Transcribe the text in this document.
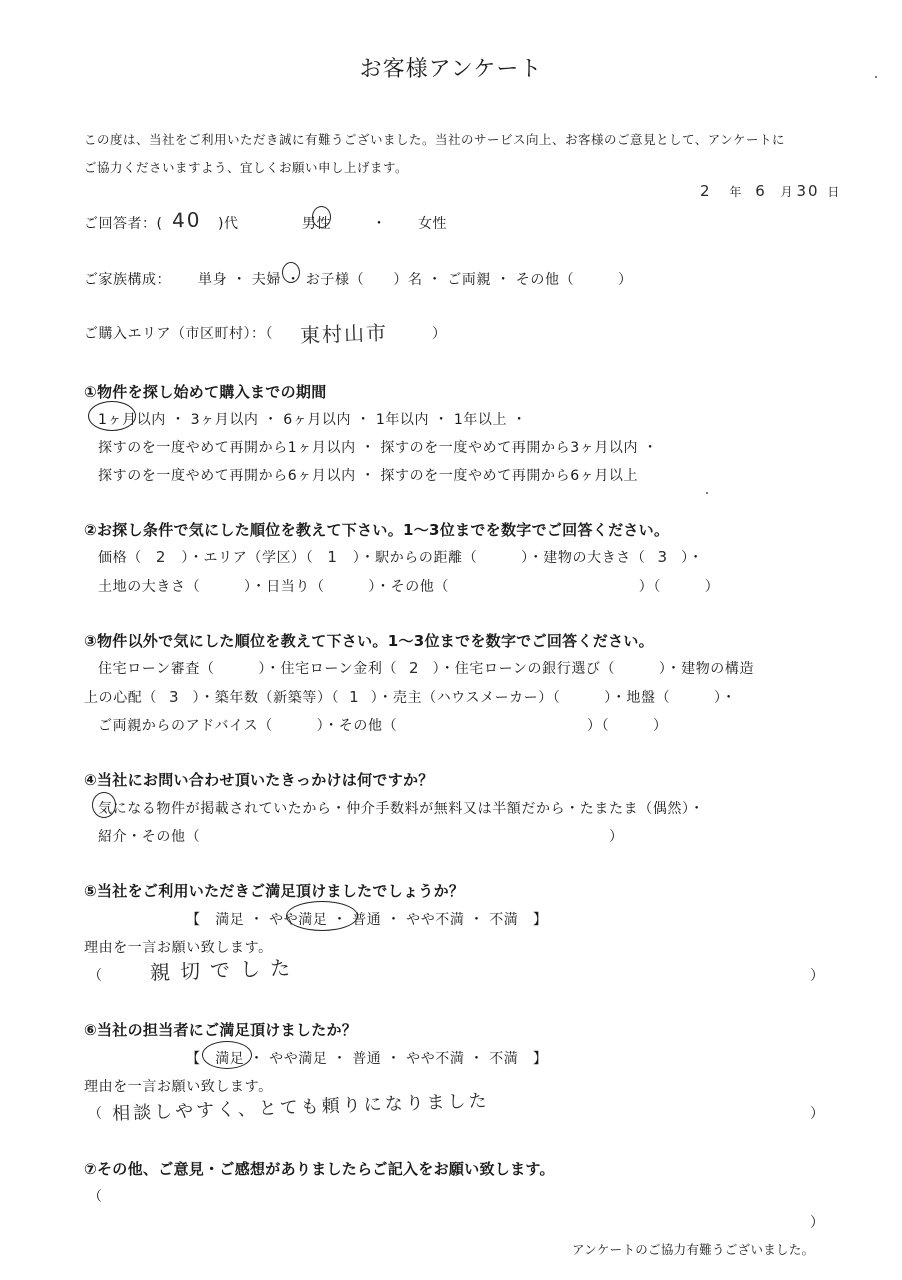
お客様アンケート
この度は、当社をご利用いただき誠に有難うございました。当社のサービス向上、お客様のご意見として、アンケートに
ご協力くださいますよう、宜しくお願い申し上げます。
2 年 6 月 30 日
ご回答者：( 40 )代	男性	・ 女性
ご家族構成： 単身 ・ 夫婦 ・ お子様（　　）名 ・ ご両親 ・ その他（　　　）
ご購入エリア（市区町村）：（ 東村山市	）
①物件を探し始めて購入までの期間
1ヶ月以内 ・ 3ヶ月以内 ・ 6ヶ月以内 ・ 1年以内 ・ 1年以上 ・
探すのを一度やめて再開から1ヶ月以内 ・ 探すのを一度やめて再開から3ヶ月以内 ・
探すのを一度やめて再開から6ヶ月以内 ・ 探すのを一度やめて再開から6ヶ月以上
②お探し条件で気にした順位を教えて下さい。1～3位までを数字でご回答ください。
価格（ 2 ）・エリア（学区）（ 1 ）・駅からの距離（　　　）・建物の大きさ（ 3 ）・
土地の大きさ（　　　）・日当り（　　　）・その他（　　　　　　　　　　　　　）（　　　）
③物件以外で気にした順位を教えて下さい。1～3位までを数字でご回答ください。
住宅ローン審査（　　　）・住宅ローン金利（ 2 ）・住宅ローンの銀行選び（　　　）・建物の構造
上の心配（ 3 ）・築年数（新築等）（ 1 ）・売主（ハウスメーカー）（　　　）・地盤（　　　）・
ご両親からのアドバイス（　　　）・その他（　　　　　　　　　　　　　）（　　　）
④当社にお問い合わせ頂いたきっかけは何ですか？
気になる物件が掲載されていたから・仲介手数料が無料又は半額だから・たまたま（偶然）・
紹介・その他（　　　　　　　　　　　　　　　　　　　　　　　　　　　　）
⑤当社をご利用いただきご満足頂けましたでしょうか？
【　満足 ・ やや満足 ・ 普通 ・ やや不満 ・ 不満　】
理由を一言お願い致します。
（ 親切でした	）
⑥当社の担当者にご満足頂けましたか？
【　満足 ・ やや満足 ・ 普通 ・ やや不満 ・ 不満　】
理由を一言お願い致します。
（ 相談しやすく、とても頼りになりました	）
⑦その他、ご意見・ご感想がありましたらご記入をお願い致します。
（
）
アンケートのご協力有難うございました。
